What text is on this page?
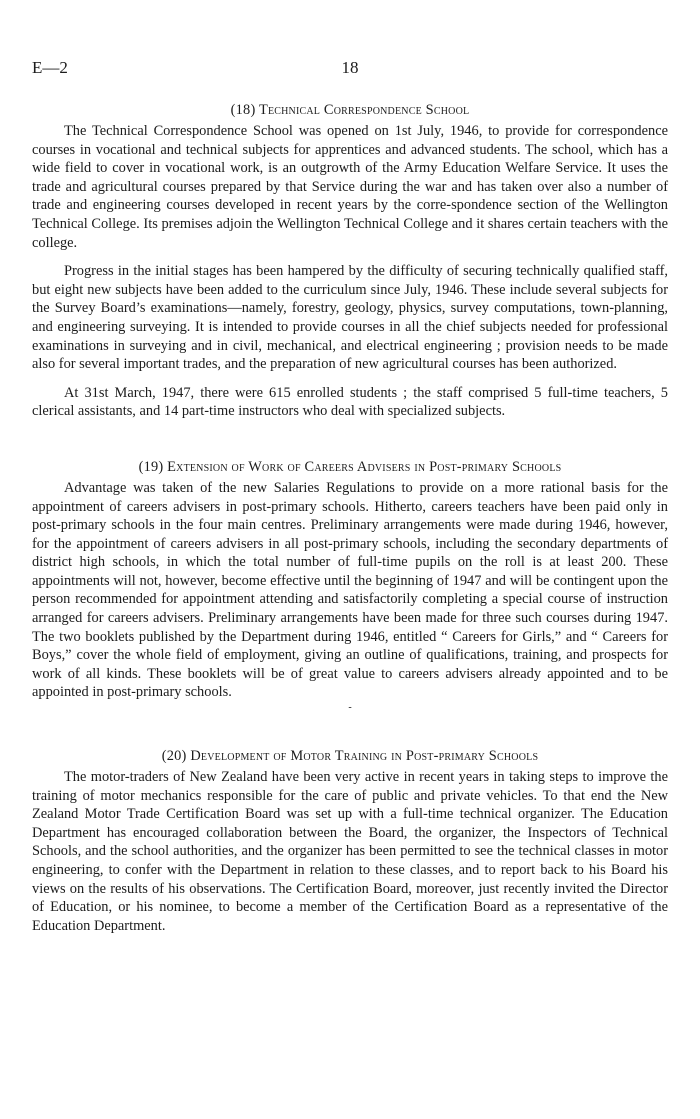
E—2	18
(18) Technical Correspondence School

The Technical Correspondence School was opened on 1st July, 1946, to provide for correspondence courses in vocational and technical subjects for apprentices and advanced students. The school, which has a wide field to cover in vocational work, is an outgrowth of the Army Education Welfare Service. It uses the trade and agricultural courses prepared by that Service during the war and has taken over also a number of trade and engineering courses developed in recent years by the corre-spondence section of the Wellington Technical College. Its premises adjoin the Wellington Technical College and it shares certain teachers with the college.

Progress in the initial stages has been hampered by the difficulty of securing technically qualified staff, but eight new subjects have been added to the curriculum since July, 1946. These include several subjects for the Survey Board’s examinations—namely, forestry, geology, physics, survey computations, town-planning, and engineering surveying. It is intended to provide courses in all the chief subjects needed for professional examinations in surveying and in civil, mechanical, and electrical engineering ; provision needs to be made also for several important trades, and the preparation of new agricultural courses has been authorized.

At 31st March, 1947, there were 615 enrolled students ; the staff comprised 5 full-time teachers, 5 clerical assistants, and 14 part-time instructors who deal with specialized subjects.

(19) Extension of Work of Careers Advisers in Post-primary Schools

Advantage was taken of the new Salaries Regulations to provide on a more rational basis for the appointment of careers advisers in post-primary schools. Hitherto, careers teachers have been paid only in post-primary schools in the four main centres. Preliminary arrangements were made during 1946, however, for the appointment of careers advisers in all post-primary schools, including the secondary departments of district high schools, in which the total number of full-time pupils on the roll is at least 200. These appointments will not, however, become effective until the beginning of 1947 and will be contingent upon the person recommended for appointment attending and satisfactorily completing a special course of instruction arranged for careers advisers. Preliminary arrangements have been made for three such courses during 1947. The two booklets published by the Department during 1946, entitled “ Careers for Girls,” and “ Careers for Boys,” cover the whole field of employment, giving an outline of qualifications, training, and prospects for work of all kinds. These booklets will be of great value to careers advisers already appointed and to be appointed in post-primary schools.

-
(20) Development of Motor Training in Post-primary Schools

The motor-traders of New Zealand have been very active in recent years in taking steps to improve the training of motor mechanics responsible for the care of public and private vehicles. To that end the New Zealand Motor Trade Certification Board was set up with a full-time technical organizer. The Education Department has encouraged collaboration between the Board, the organizer, the Inspectors of Technical Schools, and the school authorities, and the organizer has been permitted to see the technical classes in motor engineering, to confer with the Department in relation to these classes, and to report back to his Board his views on the results of his observations. The Certification Board, moreover, just recently invited the Director of Education, or his nominee, to become a member of the Certification Board as a representative of the Education Department.
